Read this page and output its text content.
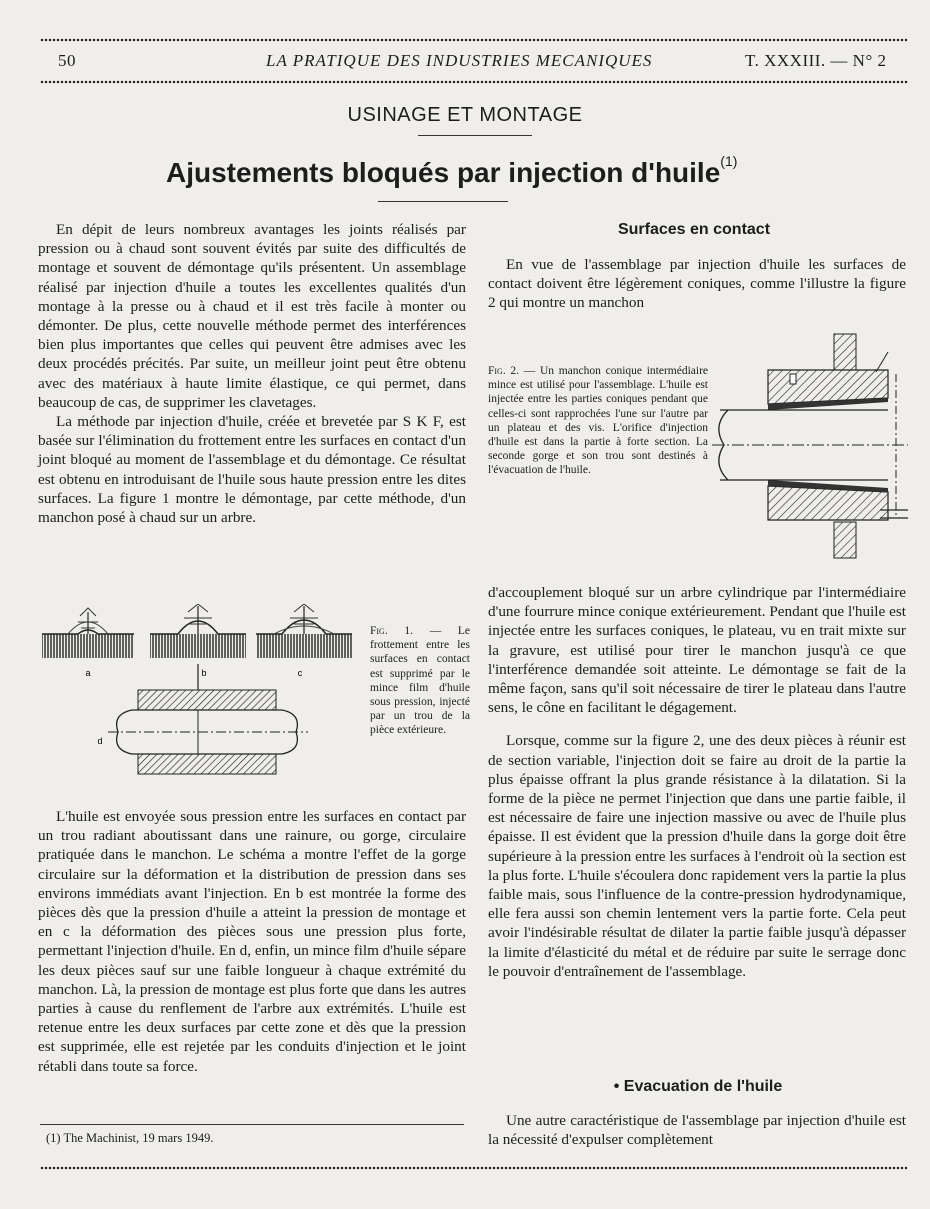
50	LA PRATIQUE DES INDUSTRIES MECANIQUES	T. XXXIII. — N° 2
USINAGE ET MONTAGE
Ajustements bloqués par injection d'huile$^{(1)}$

En dépit de leurs nombreux avantages les joints réalisés par pression ou à chaud sont souvent évités par suite des difficultés de montage et souvent de démontage qu'ils présentent. Un assemblage réalisé par injection d'huile a toutes les excellentes qualités d'un montage à la presse ou à chaud et il est très facile à monter ou démonter. De plus, cette nouvelle méthode permet des interférences bien plus importantes que celles qui peuvent être admises avec les deux procédés précités. Par suite, un meilleur joint peut être obtenu avec des matériaux à haute limite élastique, ce qui permet, dans beaucoup de cas, de supprimer les clavetages.

La méthode par injection d'huile, créée et brevetée par S K F, est basée sur l'élimination du frottement entre les surfaces en contact d'un joint bloqué au moment de l'assemblage et du démontage. Ce résultat est obtenu en introduisant de l'huile sous haute pression entre les dites surfaces. La figure 1 montre le démontage, par cette méthode, d'un manchon posé à chaud sur un arbre.

a	b	c
d
Fig. 1. — Le frottement entre les surfaces en contact est supprimé par le mince film d'huile sous pression, injecté par un trou de la pièce extérieure.

L'huile est envoyée sous pression entre les surfaces en contact par un trou radiant aboutissant dans une rainure, ou gorge, circulaire pratiquée dans le manchon. Le schéma a montre l'effet de la gorge circulaire sur la déformation et la distribution de pression dans ses environs immédiats avant l'injection. En b est montrée la forme des pièces dès que la pression d'huile a atteint la pression de montage et en c la déformation des pièces sous une pression plus forte, permettant l'injection d'huile. En d, enfin, un mince film d'huile sépare les deux pièces sauf sur une faible longueur à chaque extrémité du manchon. Là, la pression de montage est plus forte que dans les autres parties à cause du renflement de l'arbre aux extrémités. L'huile est retenue entre les deux surfaces par cette zone et dès que la pression est supprimée, elle est rejetée par les conduits d'injection et le joint rétabli dans toute sa force.

(1) The Machinist, 19 mars 1949.
Surfaces en contact

En vue de l'assemblage par injection d'huile les surfaces de contact doivent être légèrement coniques, comme l'illustre la figure 2 qui montre un manchon

Fig. 2. — Un manchon conique intermédiaire mince est utilisé pour l'assemblage. L'huile est injectée entre les parties coniques pendant que celles-ci sont rapprochées l'une sur l'autre par un plateau et des vis. L'orifice d'injection d'huile est dans la partie à forte section. La seconde gorge et son trou sont destinés à l'évacuation de l'huile.

d'accouplement bloqué sur un arbre cylindrique par l'intermédiaire d'une fourrure mince conique extérieurement. Pendant que l'huile est injectée entre les surfaces coniques, le plateau, vu en trait mixte sur la gravure, est utilisé pour tirer le manchon jusqu'à ce que l'interférence demandée soit atteinte. Le démontage se fait de la même façon, sans qu'il soit nécessaire de tirer le plateau dans l'autre sens, le cône en facilitant le dégagement.

Lorsque, comme sur la figure 2, une des deux pièces à réunir est de section variable, l'injection doit se faire au droit de la partie la plus épaisse offrant la plus grande résistance à la dilatation. Si la forme de la pièce ne permet l'injection que dans une partie faible, il est nécessaire de faire une injection massive ou avec de l'huile plus épaisse. Il est évident que la pression d'huile dans la gorge doit être supérieure à la pression entre les surfaces à l'endroit où la section est la plus forte. L'huile s'écoulera donc rapidement vers la partie la plus faible mais, sous l'influence de la contre-pression hydrodynamique, elle fera aussi son chemin lentement vers la partie forte. Cela peut avoir l'indésirable résultat de dilater la partie faible jusqu'à dépasser la limite d'élasticité du métal et de réduire par suite le serrage donc le pouvoir d'entraînement de l'assemblage.

• Evacuation de l'huile

Une autre caractéristique de l'assemblage par injection d'huile est la nécessité d'expulser complètement
